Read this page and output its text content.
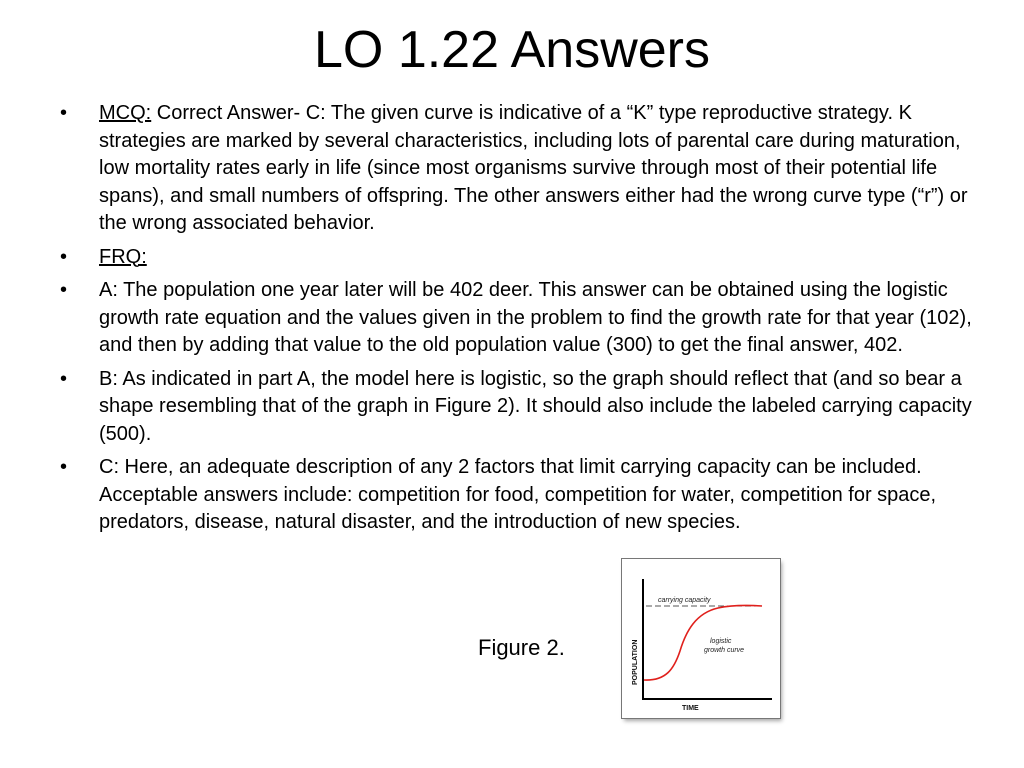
LO 1.22 Answers
• MCQ: Correct Answer- C: The given curve is indicative of a “K” type reproductive strategy. K strategies are marked by several characteristics, including lots of parental care during maturation, low mortality rates early in life (since most organisms survive through most of their potential life spans), and small numbers of offspring. The other answers either had the wrong curve type (“r”) or the wrong associated behavior.
• FRQ:
• A: The population one year later will be 402 deer. This answer can be obtained using the logistic growth rate equation and the values given in the problem to find the growth rate for that year (102), and then by adding that value to the old population value (300) to get the final answer, 402.
• B: As indicated in part A, the model here is logistic, so the graph should reflect that (and so bear a shape resembling that of the graph in Figure 2). It should also include the labeled carrying capacity (500).
• C: Here, an adequate description of any 2 factors that limit carrying capacity can be included. Acceptable answers include: competition for food, competition for water, competition for space, predators, disease, natural disaster, and the introduction of new species.
Figure 2.
carrying capacity
logistic
growth curve
POPULATION
TIME
